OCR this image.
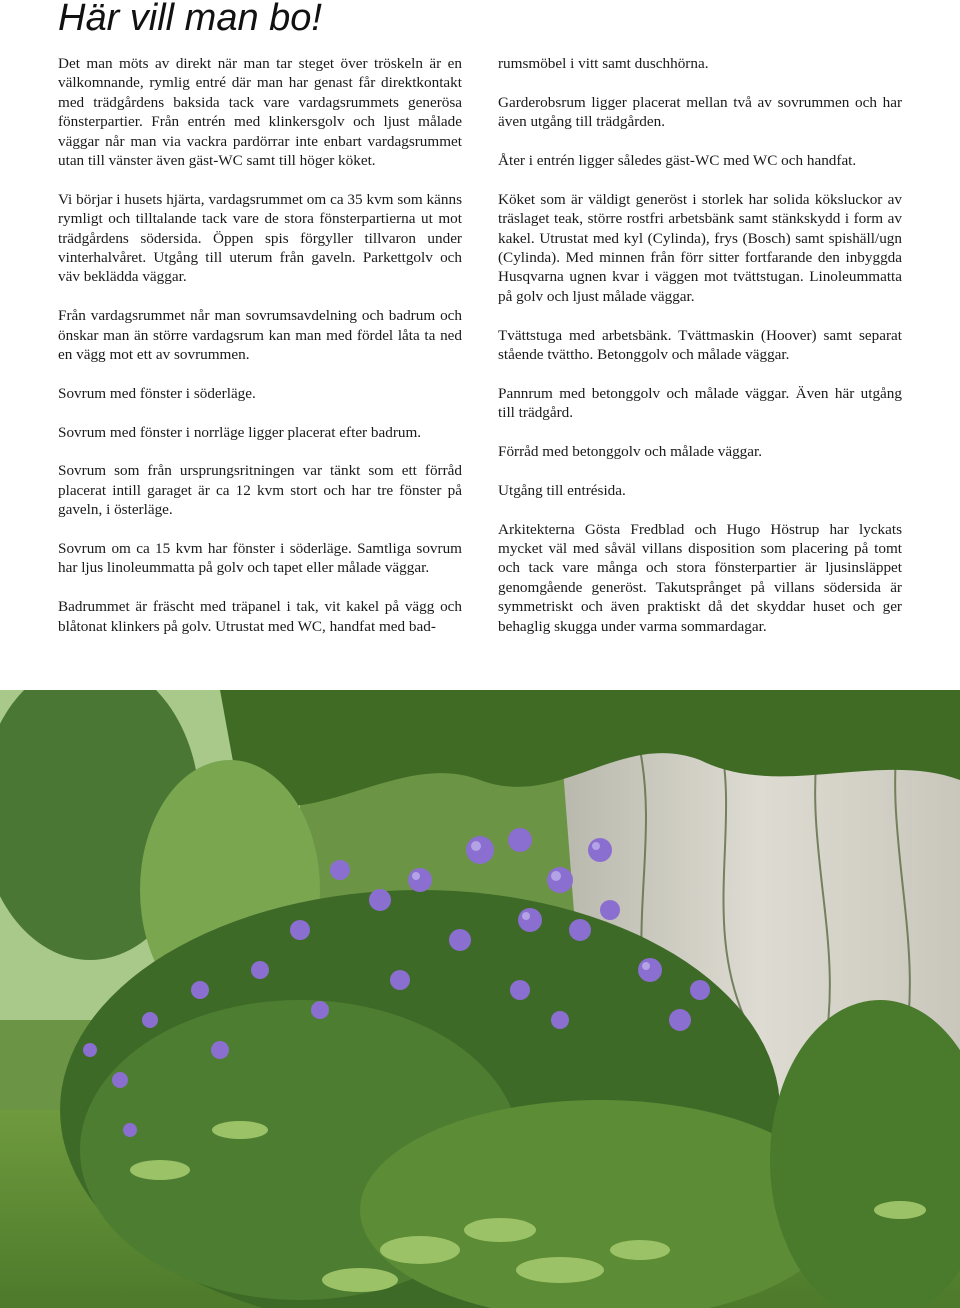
Här vill man bo!

Det man möts av direkt när man tar steget över tröskeln är en välkomnande, rymlig entré där man har genast får direktkontakt med trädgårdens baksida tack vare vardagsrummets generösa fönsterpartier. Från entrén med klinkersgolv och ljust målade väggar når man via vackra pardörrar inte enbart vardagsrummet utan till vänster även gäst-WC samt till höger köket.

Vi börjar i husets hjärta, vardagsrummet om ca 35 kvm som känns rymligt och tilltalande tack vare de stora fönsterpartierna ut mot trädgårdens södersida. Öppen spis förgyller tillvaron under vinterhalvåret. Utgång till uterum från gaveln. Parkettgolv och väv beklädda väggar.

Från vardagsrummet når man sovrumsavdelning och badrum och önskar man än större vardagsrum kan man med fördel låta ta ned en vägg mot ett av sovrummen.

Sovrum med fönster i söderläge.

Sovrum med fönster i norrläge ligger placerat efter badrum.

Sovrum som från ursprungsritningen var tänkt som ett förråd placerat intill garaget är ca 12 kvm stort och har tre fönster på gaveln, i österläge.

Sovrum om ca 15 kvm har fönster i söderläge. Samtliga sovrum har ljus linoleummatta på golv och tapet eller målade väggar.

Badrummet är fräscht med träpanel i tak, vit kakel på vägg och blåtonat klinkers på golv. Utrustat med WC, handfat med bad-

rumsmöbel i vitt samt duschhörna.

Garderobsrum ligger placerat mellan två av sovrummen och har även utgång till trädgården.

Åter i entrén ligger således gäst-WC med WC och handfat.

Köket som är väldigt generöst i storlek har solida köksluckor av träslaget teak, större rostfri arbetsbänk samt stänkskydd i form av kakel. Utrustat med kyl (Cylinda), frys (Bosch) samt spishäll/ugn (Cylinda). Med minnen från förr sitter fortfarande den inbyggda Husqvarna ugnen kvar i väggen mot tvättstugan. Linoleummatta på golv och ljust målade väggar.

Tvättstuga med arbetsbänk. Tvättmaskin (Hoover) samt separat stående tvättho. Betonggolv och målade väggar.

Pannrum med betonggolv och målade väggar. Även här utgång till trädgård.

Förråd med betonggolv och målade väggar.

Utgång till entrésida.

Arkitekterna Gösta Fredblad och Hugo Höstrup har lyckats mycket väl med såväl villans disposition som placering på tomt och tack vare många och stora fönsterpartier är ljusinsläppet genomgående generöst. Takutsprånget på villans södersida är symmetriskt och även praktiskt då det skyddar huset och ger behaglig skugga under varma sommardagar.
